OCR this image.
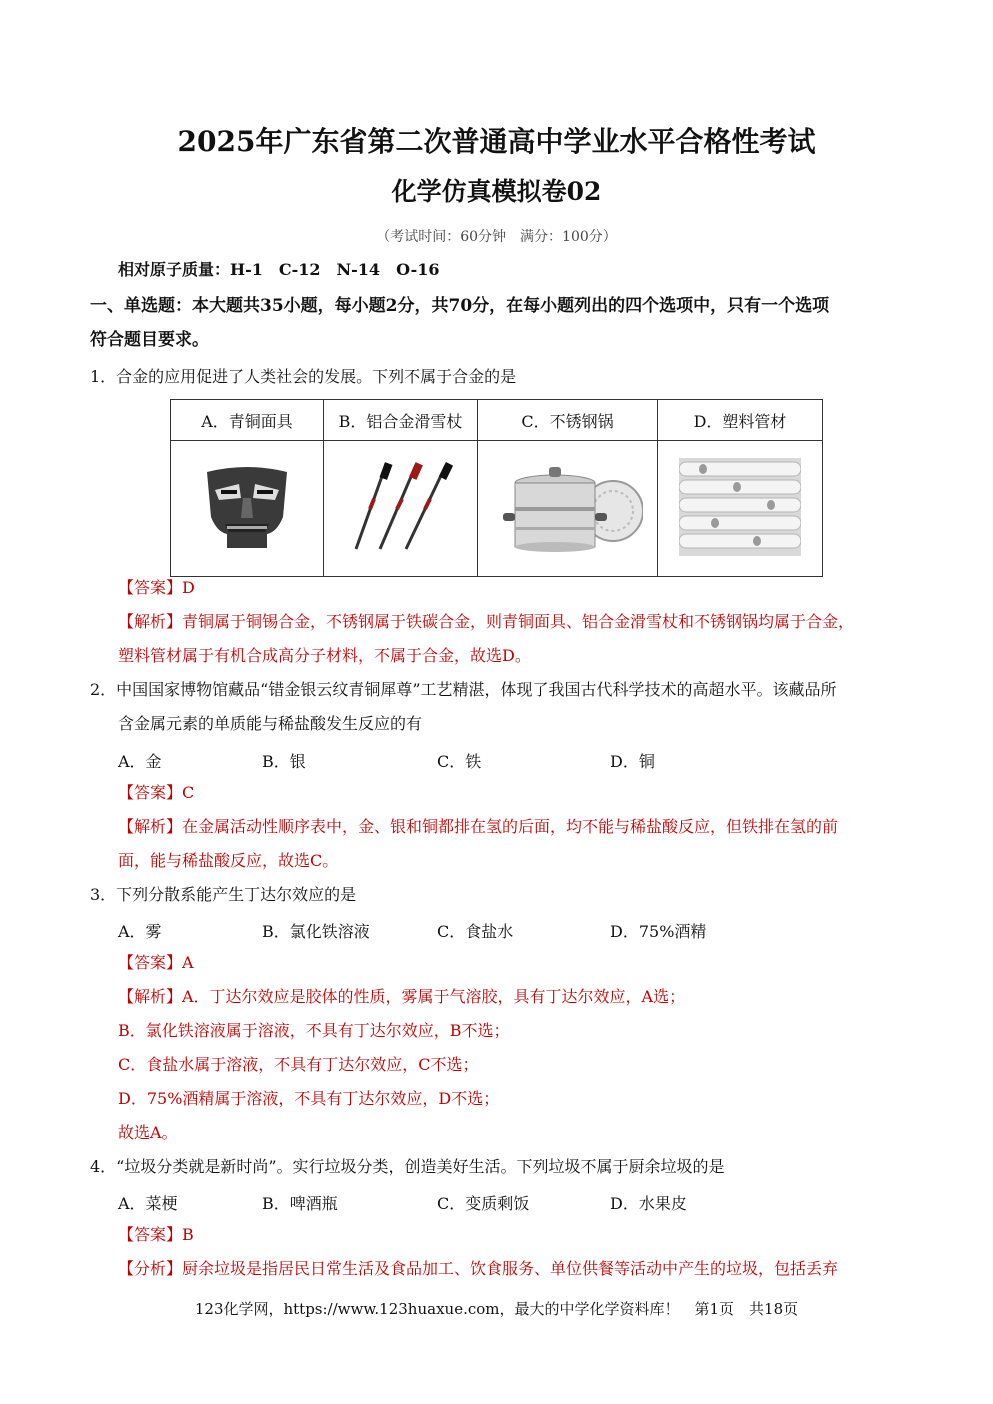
2025年广东省第二次普通高中学业水平合格性考试
化学仿真模拟卷02
（考试时间：60分钟　满分：100分）
相对原子质量：H-1　C-12　N-14　O-16
一、单选题：本大题共35小题，每小题2分，共70分，在每小题列出的四个选项中，只有一个选项
符合题目要求。
1．合金的应用促进了人类社会的发展。下列不属于合金的是
A．青铜面具	B．铝合金滑雪杖	C．不锈钢锅	D．塑料管材

【答案】D
【解析】青铜属于铜锡合金，不锈钢属于铁碳合金，则青铜面具、铝合金滑雪杖和不锈钢锅均属于合金，
塑料管材属于有机合成高分子材料，不属于合金，故选D。
2．中国国家博物馆藏品“错金银云纹青铜犀尊”工艺精湛，体现了我国古代科学技术的高超水平。该藏品所
含金属元素的单质能与稀盐酸发生反应的有
A．金	B．银	C．铁	D．铜
【答案】C
【解析】在金属活动性顺序表中，金、银和铜都排在氢的后面，均不能与稀盐酸反应，但铁排在氢的前
面，能与稀盐酸反应，故选C。
3．下列分散系能产生丁达尔效应的是
A．雾	B．氯化铁溶液	C．食盐水	D．75%酒精
【答案】A
【解析】A．丁达尔效应是胶体的性质，雾属于气溶胶，具有丁达尔效应，A选；
B．氯化铁溶液属于溶液，不具有丁达尔效应，B不选；
C．食盐水属于溶液，不具有丁达尔效应，C不选；
D．75%酒精属于溶液，不具有丁达尔效应，D不选；
故选A。
4．“垃圾分类就是新时尚”。实行垃圾分类，创造美好生活。下列垃圾不属于厨余垃圾的是
A．菜梗	B．啤酒瓶	C．变质剩饭	D．水果皮
【答案】B
【分析】厨余垃圾是指居民日常生活及食品加工、饮食服务、单位供餐等活动中产生的垃圾，包括丢弃
123化学网，https://www.123huaxue.com，最大的中学化学资料库！　第1页　共18页
